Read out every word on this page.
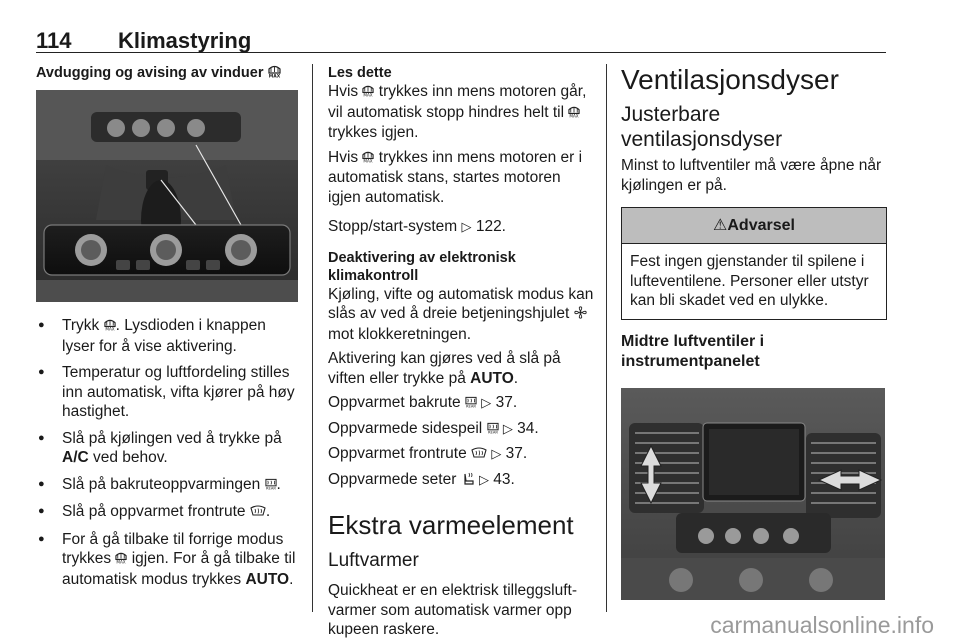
114 Klimastyring
Avdugging og avising av vinduer MAX
● Trykk MAX . Lysdioden i knappen lyser for å vise aktivering.
● Temperatur og luftfordeling stilles inn automatisk, vifta kjører på høy hastighet.
● Slå på kjølingen ved å trykke på A/C ved behov.
● Slå på bakruteoppvarmingen REAR .
● Slå på oppvarmet frontrute .
● For å gå tilbake til forrige modus trykkes MAX igjen. For å gå tilbake til automatisk modus trykkes AUTO.
Les dette

Hvis MAX trykkes inn mens motoren går, vil automatisk stopp hindres helt til MAX
trykkes igjen.

Hvis MAX trykkes inn mens motoren er i automatisk stans, startes motoren igjen automatisk.

Stopp/start-system ▷ 122.

Deaktivering av elektronisk klimakontroll

Kjøling, vifte og automatisk modus kan slås av ved å dreie betjeningshjulet  mot klokkeretningen.

Aktivering kan gjøres ved å slå på viften eller trykke på AUTO.

Oppvarmet bakrute REAR ▷ 37.

Oppvarmede sidespeil REAR ▷ 34.

Oppvarmet frontrute  ▷ 37.

Oppvarmede seter  ▷ 43.

Ekstra varmeelement
Luftvarmer

Quickheat er en elektrisk tilleggsluftvarmer som automatisk varmer opp kupeen raskere.

Ventilasjonsdyser
Justerbare ventilasjonsdyser

Minst to luftventiler må være åpne når kjølingen er på.

⚠Advarsel
Fest ingen gjenstander til spilene i lufteventilene. Personer eller utstyr kan bli skadet ved en ulykke.
Midtre luftventiler i instrumentpanelet
carmanualsonline.info
